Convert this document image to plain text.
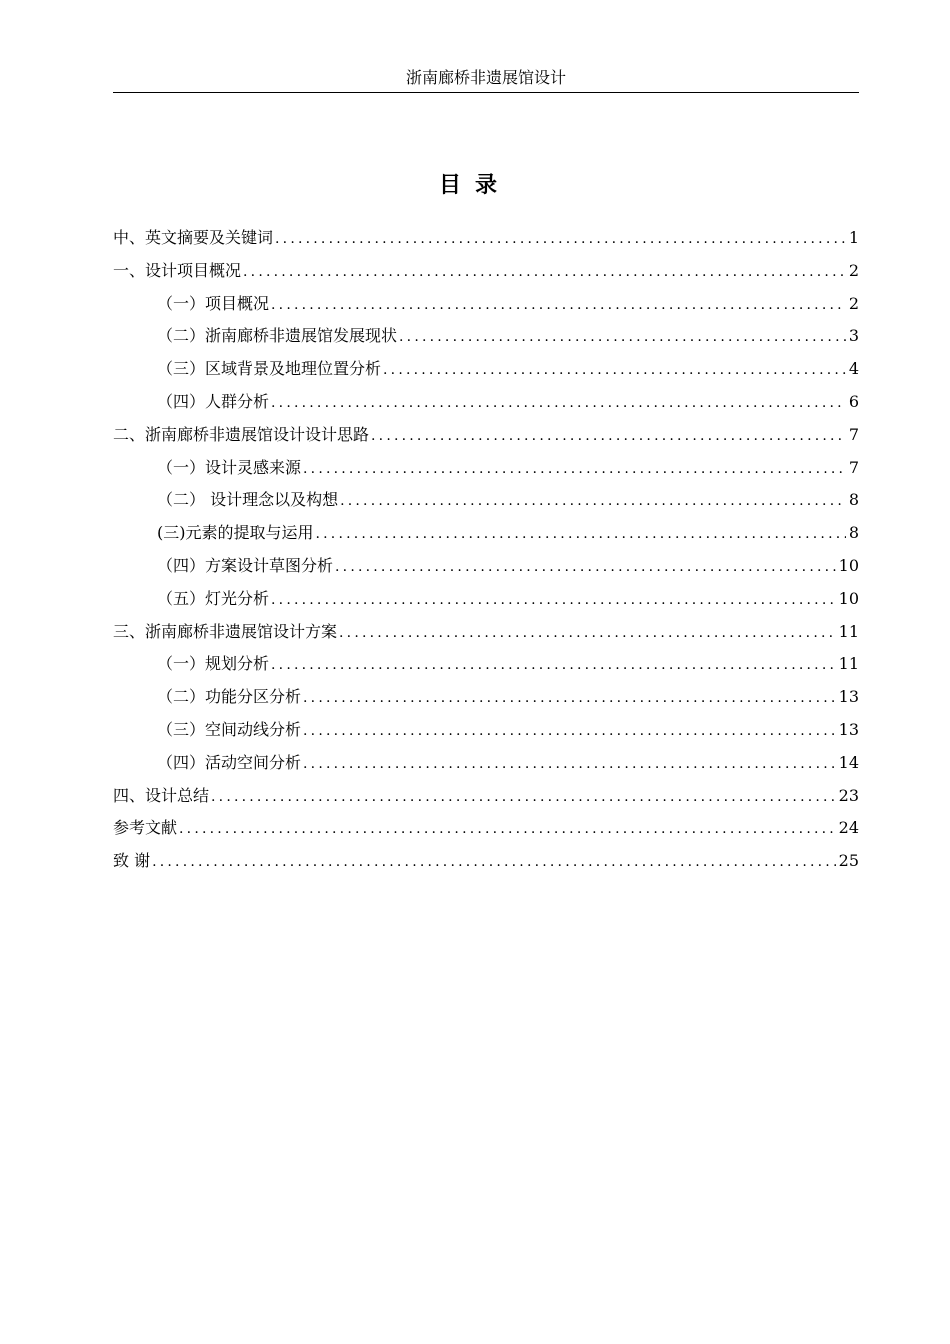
浙南廊桥非遗展馆设计
目录
中、英文摘要及关键词 .....	1
一、设计项目概况 .....	2
（一）项目概况 .....	2
（二）浙南廊桥非遗展馆发展现状 .....	3
（三）区域背景及地理位置分析 .....	4
（四）人群分析 .....	6
二、浙南廊桥非遗展馆设计设计思路 .....	7
（一）设计灵感来源 .....	7
（二） 设计理念以及构想 .....	8
(三)元素的提取与运用 .....	8
（四）方案设计草图分析 .....	10
（五）灯光分析 .....	10
三、浙南廊桥非遗展馆设计方案 .....	11
（一）规划分析 .....	11
（二）功能分区分析 .....	13
（三）空间动线分析 .....	13
（四）活动空间分析 .....	14
四、设计总结 .....	23
参考文献 .....	24
致 谢 .....	25
